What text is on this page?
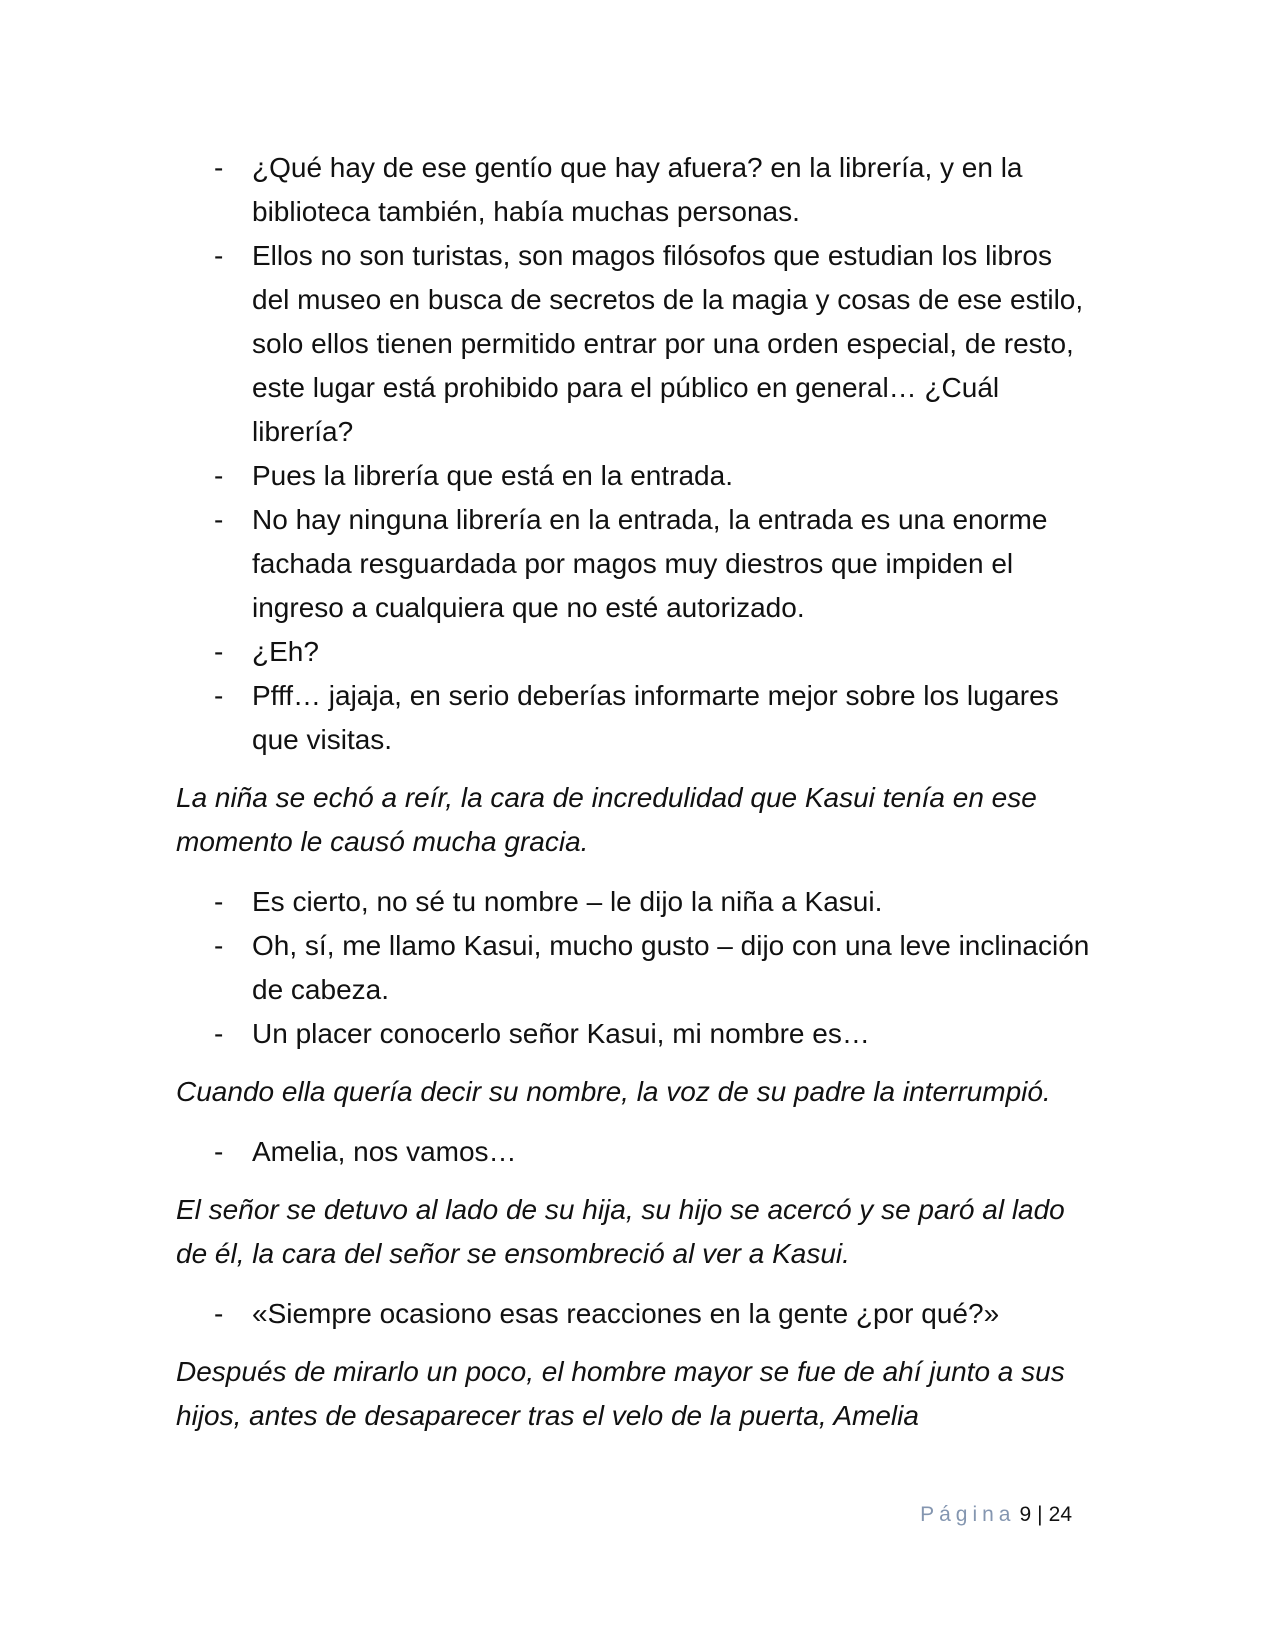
- ¿Qué hay de ese gentío que hay afuera? en la librería, y en la biblioteca también, había muchas personas.
- Ellos no son turistas, son magos filósofos que estudian los libros del museo en busca de secretos de la magia y cosas de ese estilo, solo ellos tienen permitido entrar por una orden especial, de resto, este lugar está prohibido para el público en general… ¿Cuál librería?
- Pues la librería que está en la entrada.
- No hay ninguna librería en la entrada, la entrada es una enorme fachada resguardada por magos muy diestros que impiden el ingreso a cualquiera que no esté autorizado.
- ¿Eh?
- Pfff… jajaja, en serio deberías informarte mejor sobre los lugares que visitas.

La niña se echó a reír, la cara de incredulidad que Kasui tenía en ese momento le causó mucha gracia.

- Es cierto, no sé tu nombre – le dijo la niña a Kasui.
- Oh, sí, me llamo Kasui, mucho gusto – dijo con una leve inclinación de cabeza.
- Un placer conocerlo señor Kasui, mi nombre es…

Cuando ella quería decir su nombre, la voz de su padre la interrumpió.

- Amelia, nos vamos…

El señor se detuvo al lado de su hija, su hijo se acercó y se paró al lado de él, la cara del señor se ensombreció al ver a Kasui.

- «Siempre ocasiono esas reacciones en la gente ¿por qué?»

Después de mirarlo un poco, el hombre mayor se fue de ahí junto a sus hijos, antes de desaparecer tras el velo de la puerta, Amelia

Página 9 | 24
